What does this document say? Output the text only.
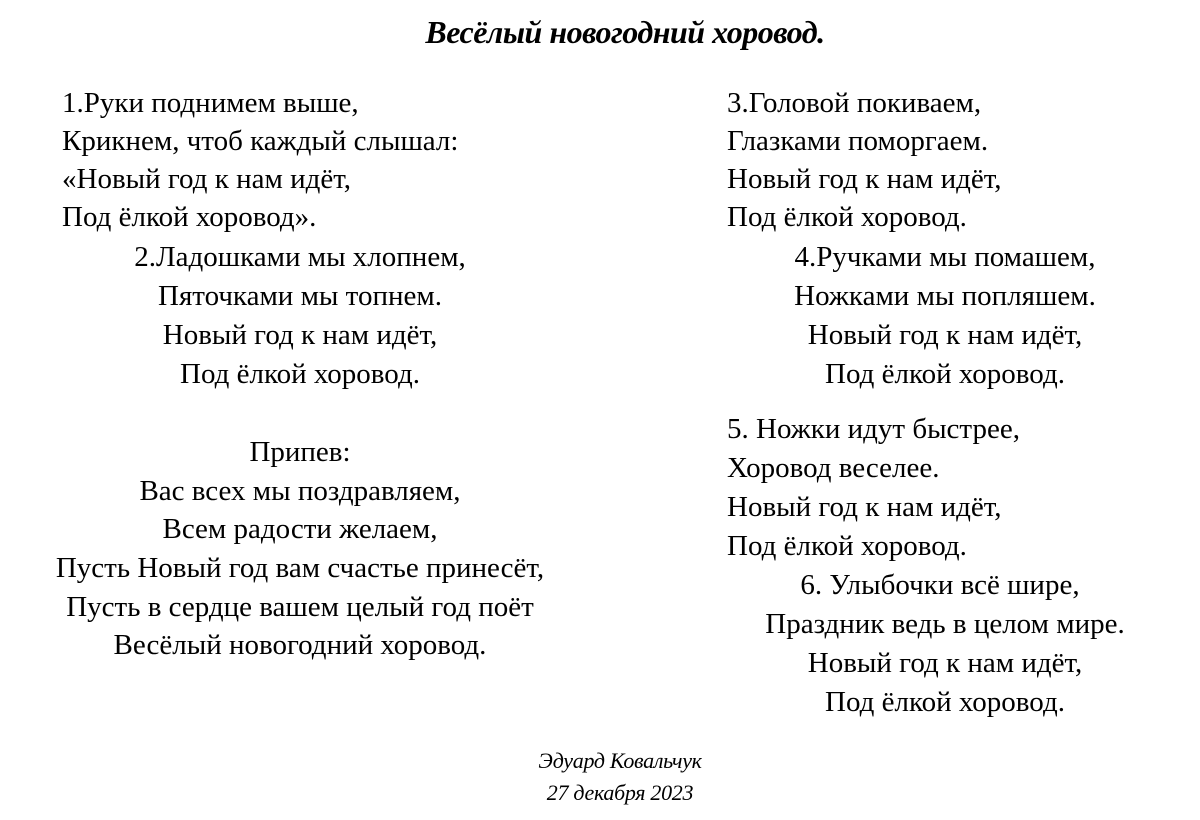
Весёлый новогодний хоровод.
1.Руки поднимем выше,
Крикнем, чтоб каждый слышал:
«Новый год к нам идёт,
Под ёлкой хоровод».
2.Ладошками мы хлопнем,
Пяточками мы топнем.
Новый год к нам идёт,
Под ёлкой хоровод.
Припев:
Вас всех мы поздравляем,
Всем радости желаем,
Пусть Новый год вам счастье принесёт,
Пусть в сердце вашем целый год поёт
Весёлый новогодний хоровод.
3.Головой покиваем,
Глазками поморгаем.
Новый год к нам идёт,
Под ёлкой хоровод.
4.Ручками мы помашем,
Ножками мы попляшем.
Новый год к нам идёт,
Под ёлкой хоровод.
5. Ножки идут быстрее,
Хоровод веселее.
Новый год к нам идёт,
Под ёлкой хоровод.
6. Улыбочки всё шире,
Праздник ведь в целом мире.
Новый год к нам идёт,
Под ёлкой хоровод.
Эдуард Ковальчук
27 декабря 2023
